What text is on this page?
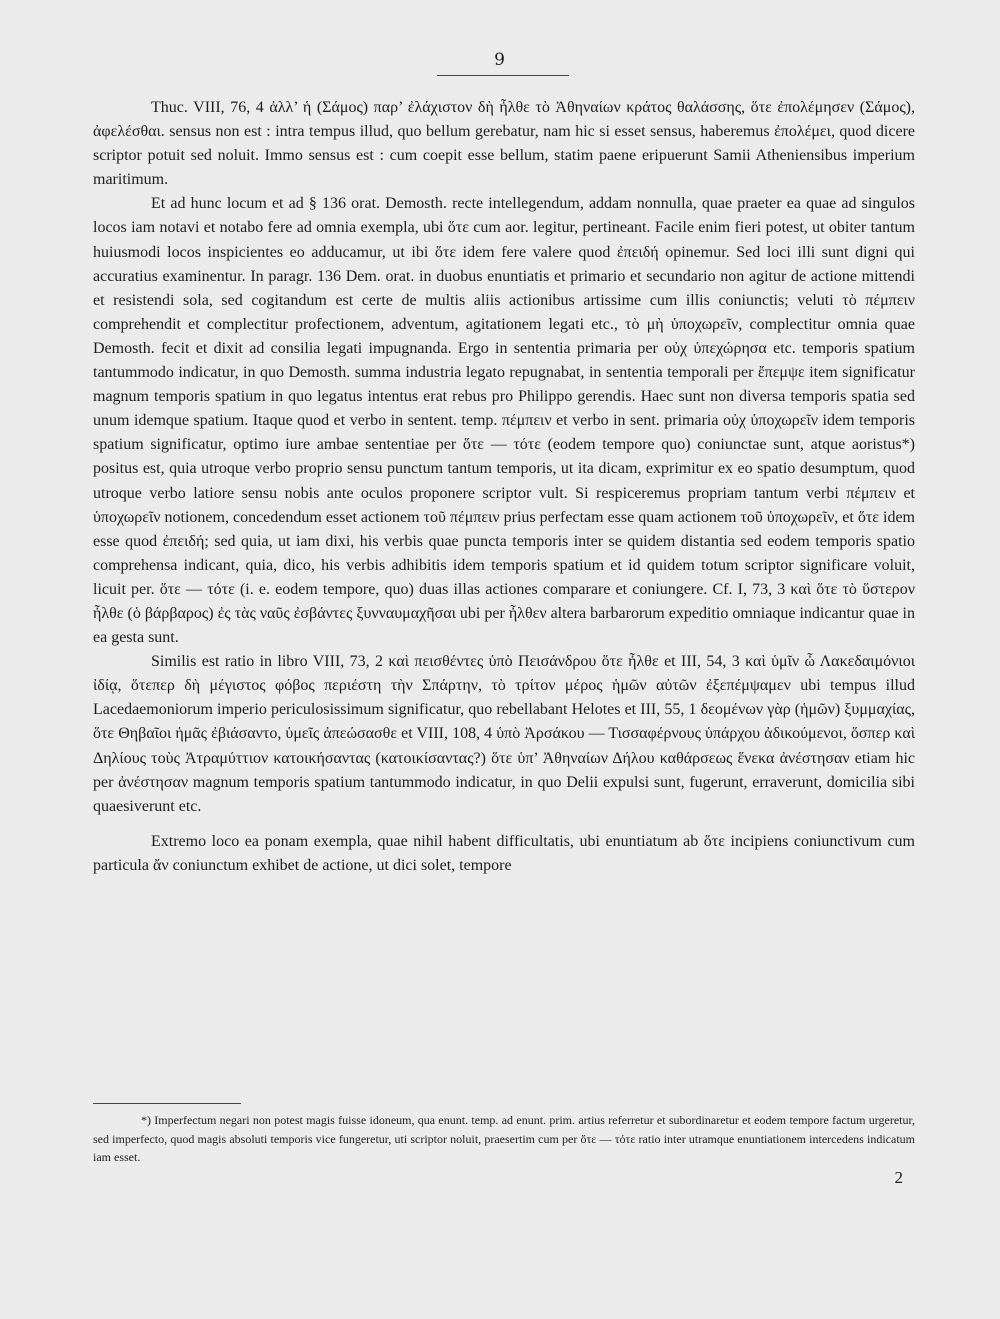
9

Thuc. VIII, 76, 4 ἀλλ’ ἡ (Σάμος) παρ’ ἐλάχιστον δὴ ἦλθε τὸ Ἀθηναίων κράτος θαλάσσης, ὅτε ἐπολέμησεν (Σάμος), ἀφελέσθαι. sensus non est : intra tempus illud, quo bellum gerebatur, nam hic si esset sensus, haberemus ἐπολέμει, quod dicere scriptor potuit sed noluit. Immo sensus est : cum coepit esse bellum, statim paene eripuerunt Samii Atheniensibus imperium maritimum.

Et ad hunc locum et ad § 136 orat. Demosth. recte intellegendum, addam nonnulla, quae praeter ea quae ad singulos locos iam notavi et notabo fere ad omnia exempla, ubi ὅτε cum aor. legitur, pertineant. Facile enim fieri potest, ut obiter tantum huiusmodi locos inspicientes eo adducamur, ut ibi ὅτε idem fere valere quod ἐπειδή opinemur. Sed loci illi sunt digni qui accuratius examinentur. In paragr. 136 Dem. orat. in duobus enuntiatis et primario et secundario non agitur de actione mittendi et resistendi sola, sed cogitandum est certe de multis aliis actionibus artissime cum illis coniunctis; veluti τὸ πέμπειν comprehendit et complectitur profectionem, adventum, agitationem legati etc., τὸ μὴ ὑποχωρεῖν, complectitur omnia quae Demosth. fecit et dixit ad consilia legati impugnanda. Ergo in sententia primaria per οὐχ ὑπεχώρησα etc. temporis spatium tantummodo indicatur, in quo Demosth. summa industria legato repugnabat, in sententia temporali per ἔπεμψε item significatur magnum temporis spatium in quo legatus intentus erat rebus pro Philippo gerendis. Haec sunt non diversa temporis spatia sed unum idemque spatium. Itaque quod et verbo in sentent. temp. πέμπειν et verbo in sent. primaria οὐχ ὑποχωρεῖν idem temporis spatium significatur, optimo iure ambae sententiae per ὅτε — τότε (eodem tempore quo) coniunctae sunt, atque aoristus*) positus est, quia utroque verbo proprio sensu punctum tantum temporis, ut ita dicam, exprimitur ex eo spatio desumptum, quod utroque verbo latiore sensu nobis ante oculos proponere scriptor vult. Si respiceremus propriam tantum verbi πέμπειν et ὑποχωρεῖν notionem, concedendum esset actionem τοῦ πέμπειν prius perfectam esse quam actionem τοῦ ὑποχωρεῖν, et ὅτε idem esse quod ἐπειδή; sed quia, ut iam dixi, his verbis quae puncta temporis inter se quidem distantia sed eodem temporis spatio comprehensa indicant, quia, dico, his verbis adhibitis idem temporis spatium et id quidem totum scriptor significare voluit, licuit per. ὅτε — τότε (i. e. eodem tempore, quo) duas illas actiones comparare et coniungere. Cf. I, 73, 3 καὶ ὅτε τὸ ὕστερον ἦλθε (ὁ βάρβαρος) ἐς τὰς ναῦς ἐσβάντες ξυνναυμαχῆσαι ubi per ἦλθεν altera barbarorum expeditio omniaque indicantur quae in ea gesta sunt.

Similis est ratio in libro VIII, 73, 2 καὶ πεισθέντες ὑπὸ Πεισάνδρου ὅτε ἦλθε et III, 54, 3 καὶ ὑμῖν ὦ Λακεδαιμόνιοι ἰδίᾳ, ὅτεπερ δὴ μέγιστος φόβος περιέστη τὴν Σπάρτην, τὸ τρίτον μέρος ἡμῶν αὐτῶν ἐξεπέμψαμεν ubi tempus illud Lacedaemoniorum imperio periculosissimum significatur, quo rebellabant Helotes et III, 55, 1 δεομένων γὰρ (ἡμῶν) ξυμμαχίας, ὅτε Θηβαῖοι ἡμᾶς ἐβιάσαντο, ὑμεῖς ἀπεώσασθε et VIII, 108, 4 ὑπὸ Ἀρσάκου — Τισσαφέρνους ὑπάρχου ἀδικούμενοι, ὅσπερ καὶ Δηλίους τοὺς Ἀτραμύττιον κατοικήσαντας (κατοικίσαντας?) ὅτε ὑπ’ Ἀθηναίων Δήλου καθάρσεως ἕνεκα ἀνέστησαν etiam hic per ἀνέστησαν magnum temporis spatium tantummodo indicatur, in quo Delii expulsi sunt, fugerunt, erraverunt, domicilia sibi quaesiverunt etc.

Extremo loco ea ponam exempla, quae nihil habent difficultatis, ubi enuntiatum ab ὅτε incipiens coniunctivum cum particula ἄν coniunctum exhibet de actione, ut dici solet, tempore

*) Imperfectum negari non potest magis fuisse idoneum, qua enunt. temp. ad enunt. prim. artius referretur et subordinaretur et eodem tempore factum urgeretur, sed imperfecto, quod magis absoluti temporis vice fungeretur, uti scriptor noluit, praesertim cum per ὅτε — τότε ratio inter utramque enuntiationem intercedens indicatum iam esset.

2
